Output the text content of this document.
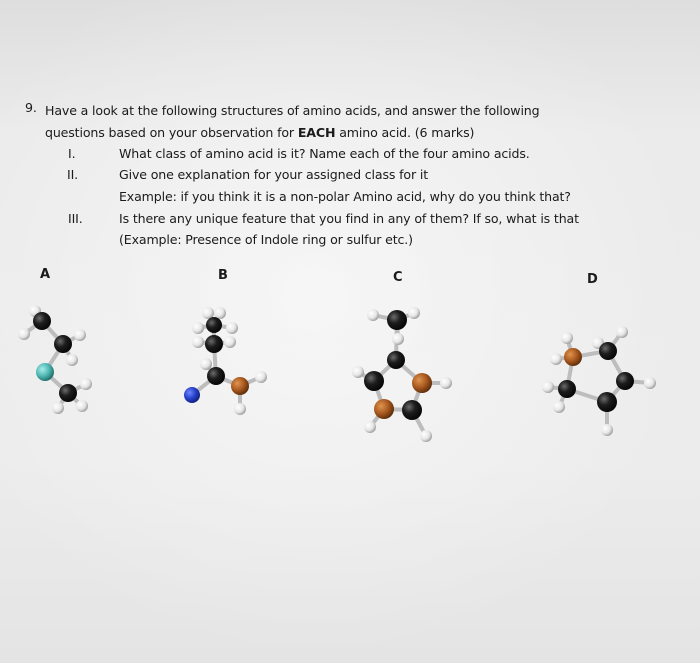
9. Have a look at the following structures of amino acids, and answer the following
questions based on your observation for EACH amino acid. (6 marks)
I.	What class of amino acid is it? Name each of the four amino acids.
II.	Give one explanation for your assigned class for it
Example: if you think it is a non-polar Amino acid, why do you think that?
III.	Is there any unique feature that you find in any of them? If so, what is that
(Example: Presence of Indole ring or sulfur etc.)
A	B	C	D
